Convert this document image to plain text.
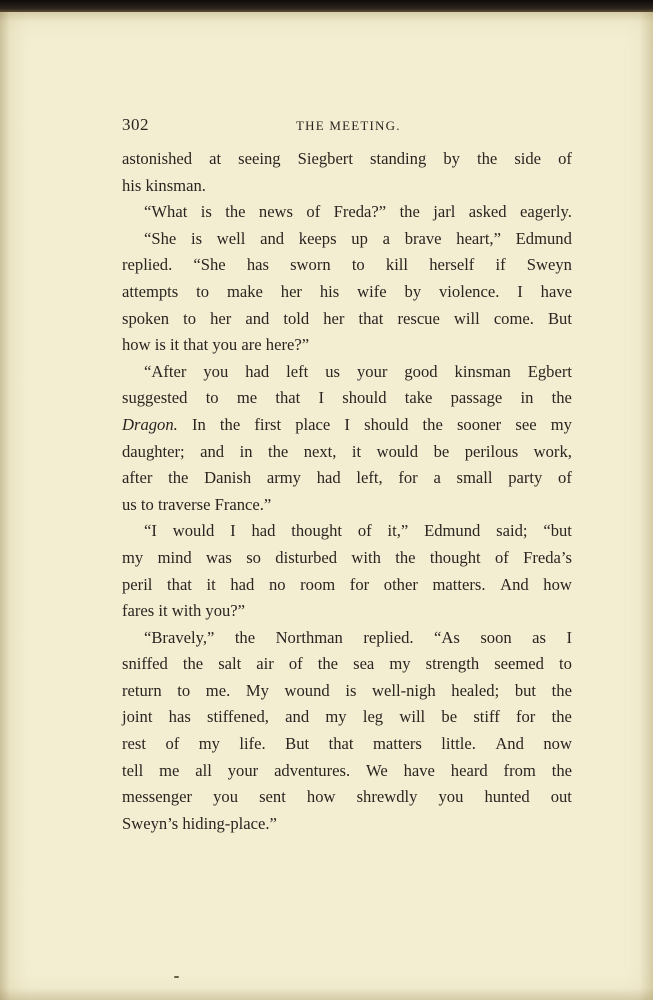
302	THE MEETING.
astonished at seeing Siegbert standing by the side of
his kinsman.
“What is the news of Freda?” the jarl asked eagerly.
“She is well and keeps up a brave heart,” Edmund
replied. “She has sworn to kill herself if Sweyn
attempts to make her his wife by violence. I have
spoken to her and told her that rescue will come. But
how is it that you are here?”
“After you had left us your good kinsman Egbert
suggested to me that I should take passage in the
Dragon. In the first place I should the sooner see my
daughter; and in the next, it would be perilous work,
after the Danish army had left, for a small party of
us to traverse France.”
“I would I had thought of it,” Edmund said; “but
my mind was so disturbed with the thought of Freda’s
peril that it had no room for other matters. And how
fares it with you?”
“Bravely,” the Northman replied. “As soon as I
sniffed the salt air of the sea my strength seemed to
return to me. My wound is well-nigh healed; but the
joint has stiffened, and my leg will be stiff for the
rest of my life. But that matters little. And now
tell me all your adventures. We have heard from the
messenger you sent how shrewdly you hunted out
Sweyn’s hiding-place.”
